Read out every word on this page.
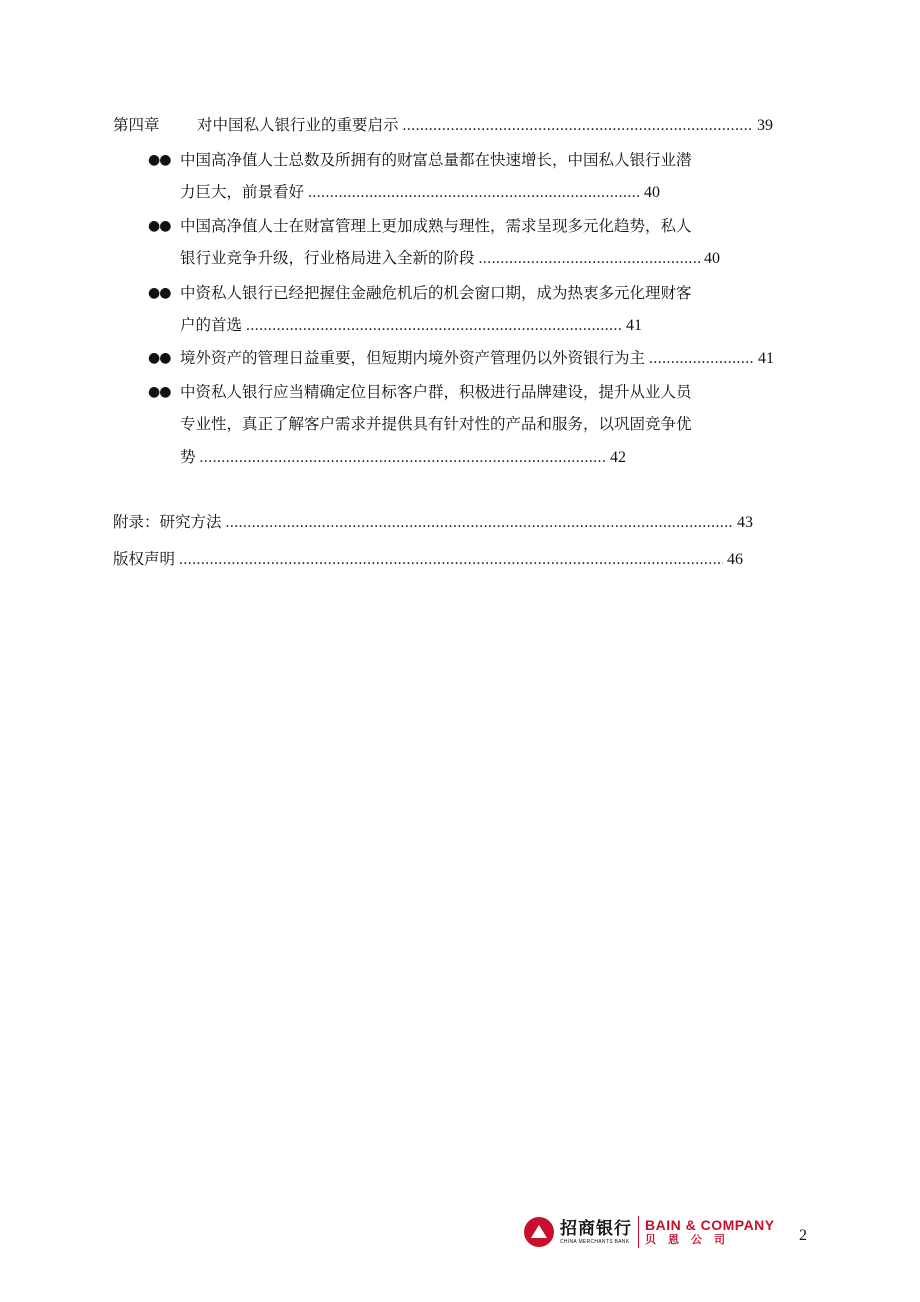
第四章 对中国私人银行业的重要启示 .....	39
●● 中国高净值人士总数及所拥有的财富总量都在快速增长，中国私人银行业潜
力巨大，前景看好 .....	40
●● 中国高净值人士在财富管理上更加成熟与理性，需求呈现多元化趋势，私人
银行业竞争升级，行业格局进入全新的阶段 .....	40
●● 中资私人银行已经把握住金融危机后的机会窗口期，成为热衷多元化理财客
户的首选 .....	41
●● 境外资产的管理日益重要，但短期内境外资产管理仍以外资银行为主 .....	41
●● 中资私人银行应当精确定位目标客户群，积极进行品牌建设，提升从业人员
专业性，真正了解客户需求并提供具有针对性的产品和服务，以巩固竞争优
势 .....	42
附录：研究方法 .....	43
版权声明 .....	46
招商银行
CHINA MERCHANTS BANK
BAIN & COMPANY
贝恩公司	2
